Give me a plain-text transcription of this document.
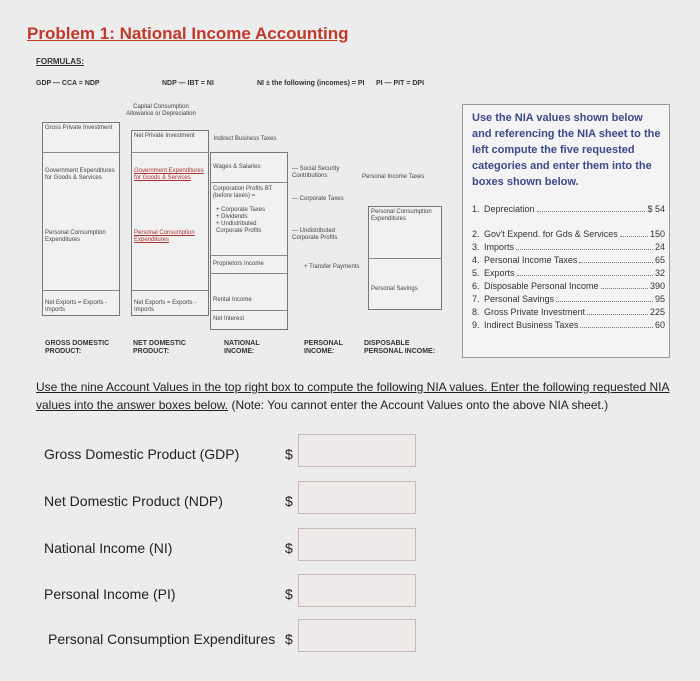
Problem 1: National Income Accounting
FORMULAS:
GDP — CCA = NDP	NDP — IBT = NI	NI ± the following (incomes) = PI PI — PIT = DPI
Capital Consumption Allowance or Depreciation
Gross Private Investment
Government Expenditures for Goods & Services
Personal Consumption Expenditures
Net Exports = Exports - Imports
Net Private Investment
Government Expenditures for Goods & Services
Personal Consumption Expenditures
Net Exports = Exports - Imports
Indirect Business Taxes
Wages & Salaries
Corporation Profits BT (before taxes) =
+ Corporate Taxes
+ Dividends
+ Undistributed Corporate Profits
Proprietors Income
Rental Income
Net Interest
— Social Security Contributions
— Corporate Taxes
— Undistributed Corporate Profits
+ Transfer Payments
Personal Income Taxes
Personal Consumption Expenditures
Personal Savings
GROSS DOMESTIC PRODUCT:
NET DOMESTIC PRODUCT:
NATIONAL INCOME:
PERSONAL INCOME:
DISPOSABLE PERSONAL INCOME:
Use the NIA values shown below and referencing the NIA sheet to the left compute the five requested categories and enter them into the boxes shown below.
1. Depreciation	$ 54
2. Gov't Expend. for Gds & Services	150
3. Imports	24
4. Personal Income Taxes	65
5. Exports	32
6. Disposable Personal Income	390
7. Personal Savings	95
8. Gross Private Investment	225
9. Indirect Business Taxes	60
Use the nine Account Values in the top right box to compute the following NIA values. Enter the following requested NIA values into the answer boxes below. (Note: You cannot enter the Account Values onto the above NIA sheet.)
Gross Domestic Product (GDP)	$
Net Domestic Product (NDP)	$
National Income (NI)	$
Personal Income (PI)	$
Personal Consumption Expenditures $
